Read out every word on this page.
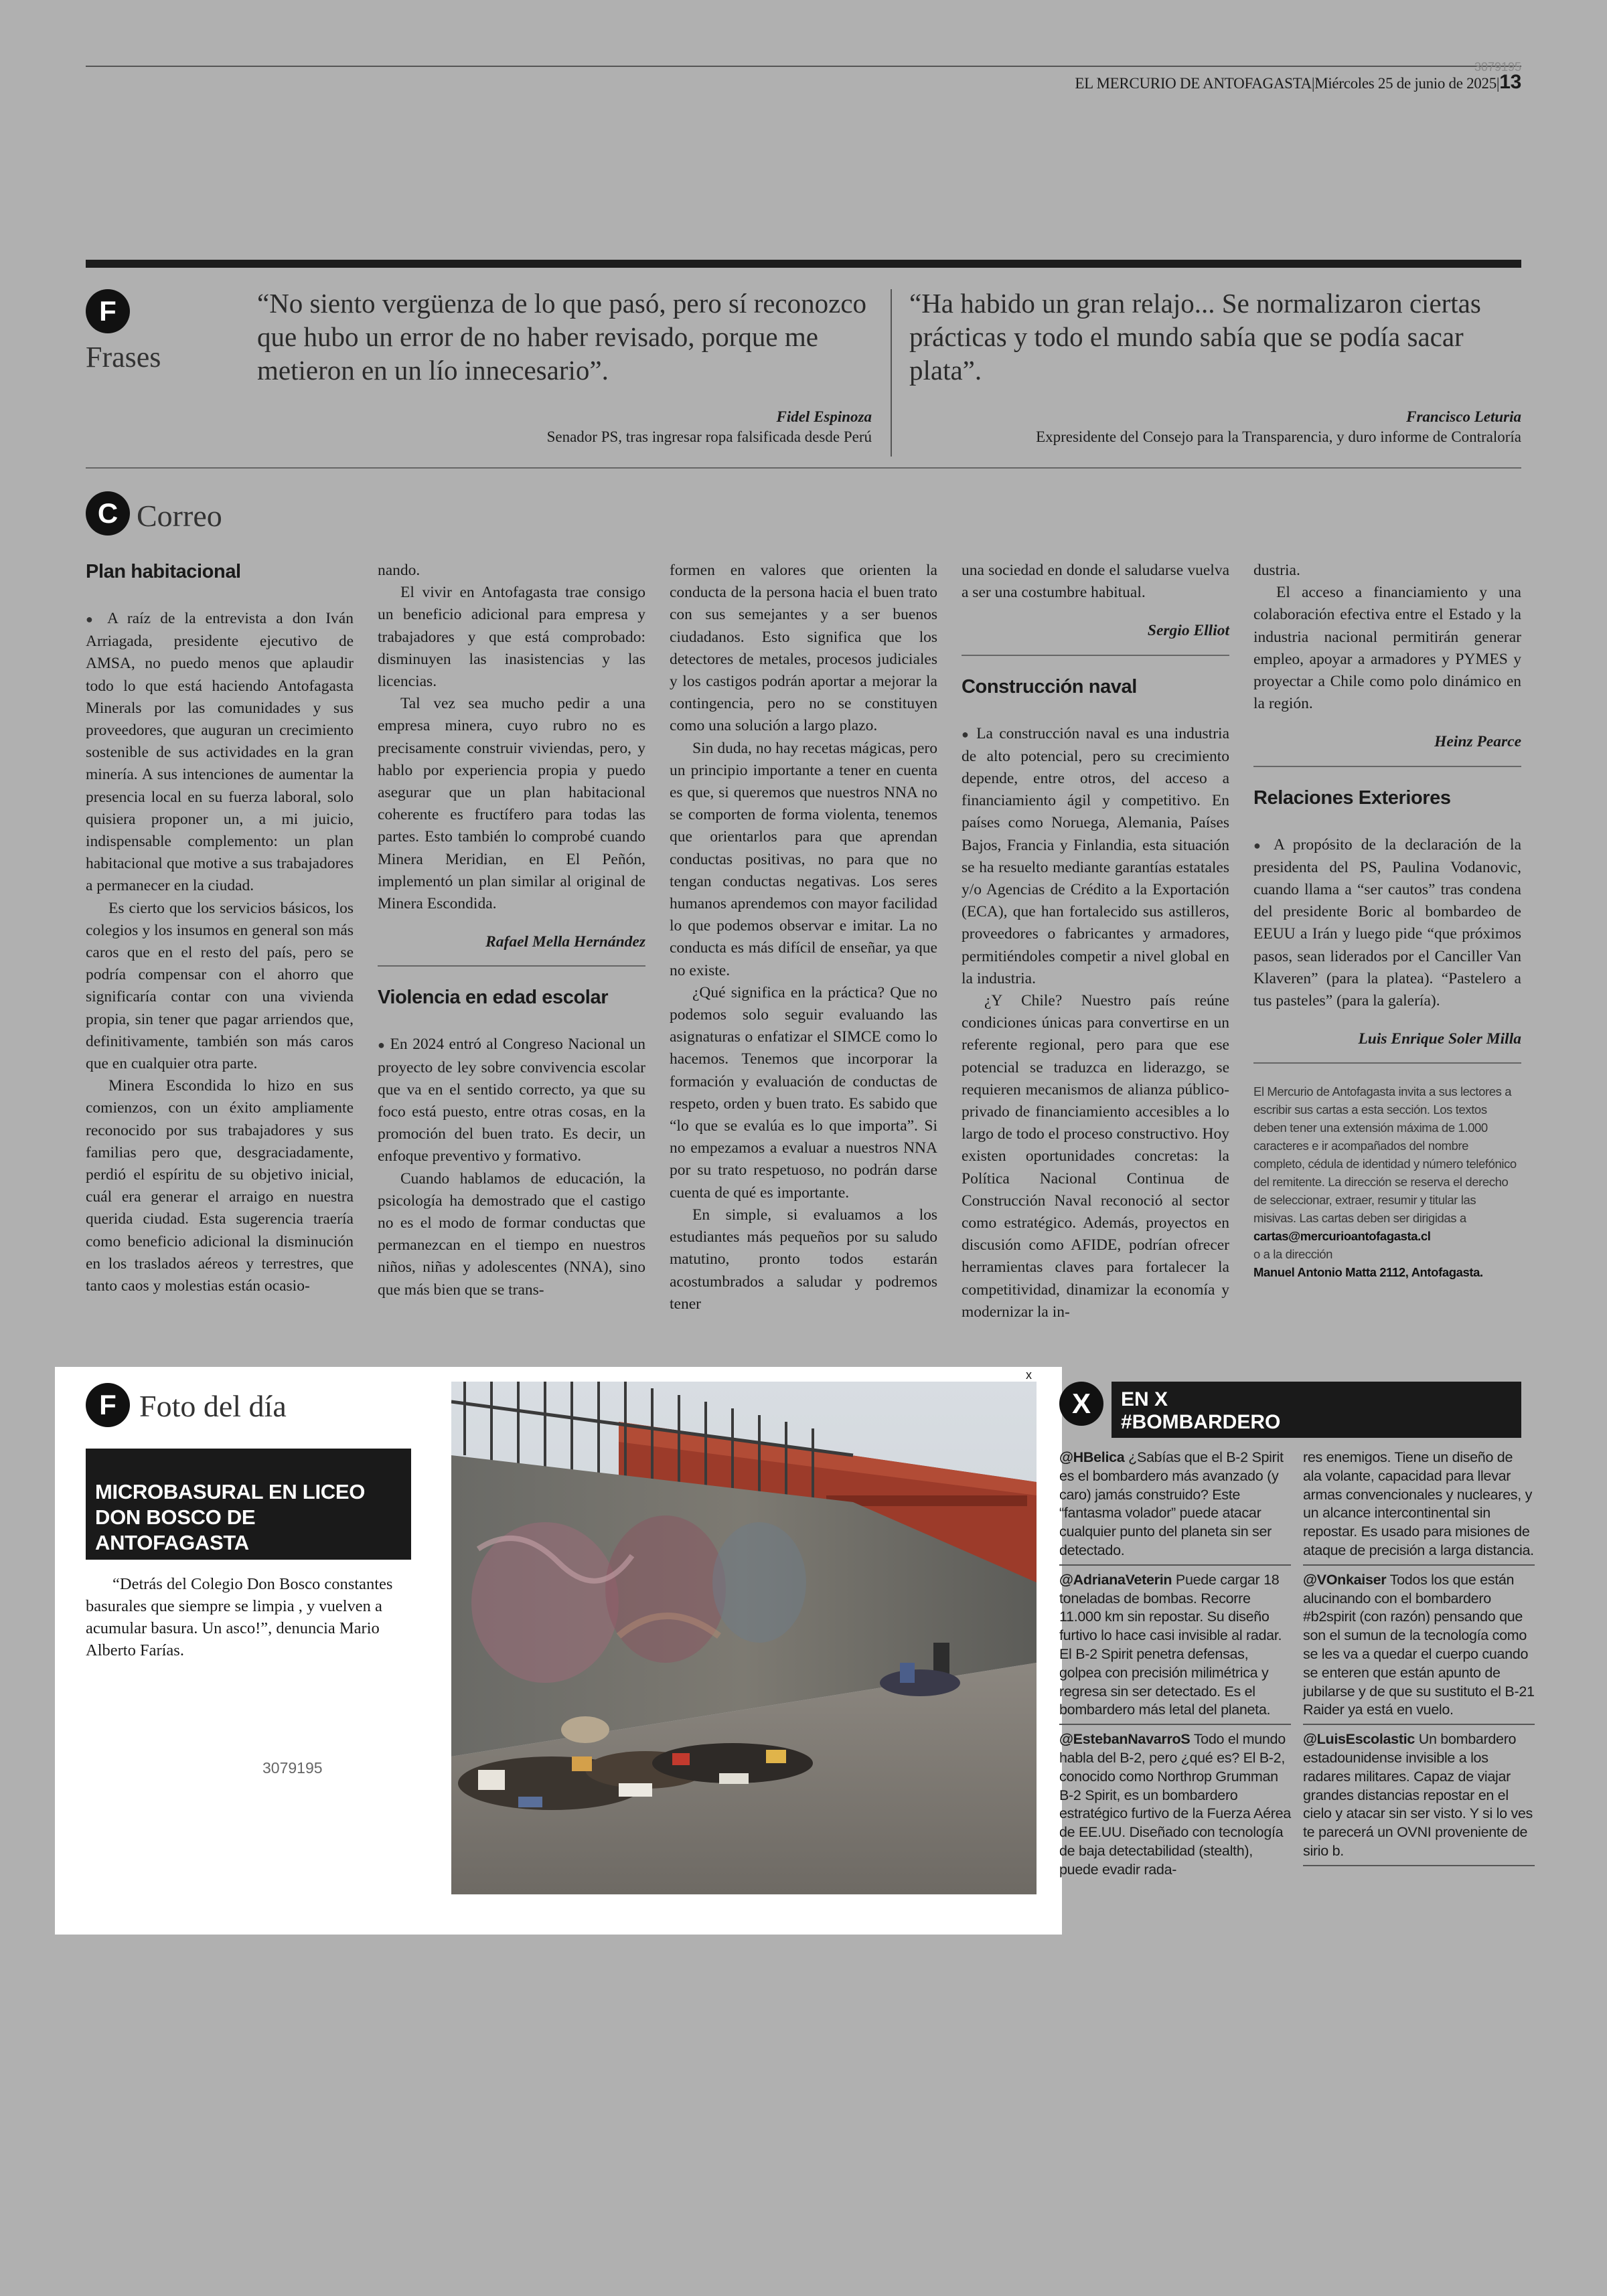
3079195
EL MERCURIO DE ANTOFAGASTA|Miércoles 25 de junio de 2025|13
F
Frases
“No siento vergüenza de lo que pasó, pero sí reconozco que hubo un error de no haber revisado, porque me metieron en un lío innecesario”.
Fidel Espinoza
Senador PS, tras ingresar ropa falsificada desde Perú
“Ha habido un gran relajo... Se normalizaron ciertas prácticas y todo el mundo sabía que se podía sacar plata”.
Francisco Leturia
Expresidente del Consejo para la Transparencia, y duro informe de Contraloría
C Correo
Plan habitacional

● A raíz de la entrevista a don Iván Arriagada, presidente ejecutivo de AMSA, no puedo menos que aplaudir todo lo que está haciendo Antofagasta Minerals por las comunidades y sus proveedores, que auguran un crecimiento sostenible de sus actividades en la gran minería. A sus intenciones de aumentar la presencia local en su fuerza laboral, solo quisiera proponer un, a mi juicio, indispensable complemento: un plan habitacional que motive a sus trabajadores a permanecer en la ciudad.

Es cierto que los servicios básicos, los colegios y los insumos en general son más caros que en el resto del país, pero se podría compensar con el ahorro que significaría contar con una vivienda propia, sin tener que pagar arriendos que, definitivamente, también son más caros que en cualquier otra parte.

Minera Escondida lo hizo en sus comienzos, con un éxito ampliamente reconocido por sus trabajadores y sus familias pero que, desgraciadamente, perdió el espíritu de su objetivo inicial, cuál era generar el arraigo en nuestra querida ciudad. Esta sugerencia traería como beneficio adicional la disminución en los traslados aéreos y terrestres, que tanto caos y molestias están ocasio-

nando.

El vivir en Antofagasta trae consigo un beneficio adicional para empresa y trabajadores y que está comprobado: disminuyen las inasistencias y las licencias.

Tal vez sea mucho pedir a una empresa minera, cuyo rubro no es precisamente construir viviendas, pero, y hablo por experiencia propia y puedo asegurar que un plan habitacional coherente es fructífero para todas las partes. Esto también lo comprobé cuando Minera Meridian, en El Peñón, implementó un plan similar al original de Minera Escondida.

Rafael Mella Hernández

Violencia en edad escolar

● En 2024 entró al Congreso Nacional un proyecto de ley sobre convivencia escolar que va en el sentido correcto, ya que su foco está puesto, entre otras cosas, en la promoción del buen trato. Es decir, un enfoque preventivo y formativo.

Cuando hablamos de educación, la psicología ha demostrado que el castigo no es el modo de formar conductas que permanezcan en el tiempo en nuestros niños, niñas y adolescentes (NNA), sino que más bien que se trans-

formen en valores que orienten la conducta de la persona hacia el buen trato con sus semejantes y a ser buenos ciudadanos. Esto significa que los detectores de metales, procesos judiciales y los castigos podrán aportar a mejorar la contingencia, pero no se constituyen como una solución a largo plazo.

Sin duda, no hay recetas mágicas, pero un principio importante a tener en cuenta es que, si queremos que nuestros NNA no se comporten de forma violenta, tenemos que orientarlos para que aprendan conductas positivas, no para que no tengan conductas negativas. Los seres humanos aprendemos con mayor facilidad lo que podemos observar e imitar. La no conducta es más difícil de enseñar, ya que no existe.

¿Qué significa en la práctica? Que no podemos solo seguir evaluando las asignaturas o enfatizar el SIMCE como lo hacemos. Tenemos que incorporar la formación y evaluación de conductas de respeto, orden y buen trato. Es sabido que “lo que se evalúa es lo que importa”. Si no empezamos a evaluar a nuestros NNA por su trato respetuoso, no podrán darse cuenta de qué es importante.

En simple, si evaluamos a los estudiantes más pequeños por su saludo matutino, pronto todos estarán acostumbrados a saludar y podremos tener

una sociedad en donde el saludarse vuelva a ser una costumbre habitual.

Sergio Elliot

Construcción naval

● La construcción naval es una industria de alto potencial, pero su crecimiento depende, entre otros, del acceso a financiamiento ágil y competitivo. En países como Noruega, Alemania, Países Bajos, Francia y Finlandia, esta situación se ha resuelto mediante garantías estatales y/o Agencias de Crédito a la Exportación (ECA), que han fortalecido sus astilleros, proveedores o fabricantes y armadores, permitiéndoles competir a nivel global en la industria.

¿Y Chile? Nuestro país reúne condiciones únicas para convertirse en un referente regional, pero para que ese potencial se traduzca en liderazgo, se requieren mecanismos de alianza público-privado de financiamiento accesibles a lo largo de todo el proceso constructivo. Hoy existen oportunidades concretas: la Política Nacional Continua de Construcción Naval reconoció al sector como estratégico. Además, proyectos en discusión como AFIDE, podrían ofrecer herramientas claves para fortalecer la competitividad, dinamizar la economía y modernizar la in-

dustria.

El acceso a financiamiento y una colaboración efectiva entre el Estado y la industria nacional permitirán generar empleo, apoyar a armadores y PYMES y proyectar a Chile como polo dinámico en la región.

Heinz Pearce

Relaciones Exteriores

● A propósito de la declaración de la presidenta del PS, Paulina Vodanovic, cuando llama a “ser cautos” tras condena del presidente Boric al bombardeo de EEUU a Irán y luego pide “que próximos pasos, sean liderados por el Canciller Van Klaveren” (para la platea). “Pastelero a tus pasteles” (para la galería).

Luis Enrique Soler Milla

El Mercurio de Antofagasta invita a sus lectores a escribir sus cartas a esta sección. Los textos deben tener una extensión máxima de 1.000 caracteres e ir acompañados del nombre completo, cédula de identidad y número telefónico del remitente. La dirección se reserva el derecho de seleccionar, extraer, resumir y titular las misivas. Las cartas deben ser dirigidas a cartas@mercurioantofagasta.cl
o a la dirección
Manuel Antonio Matta 2112, Antofagasta.
F Foto del día
x
MICROBASURAL EN LICEO DON BOSCO DE ANTOFAGASTA
“Detrás del Colegio Don Bosco constantes basurales que siempre se limpia , y vuelven a acumular basura. Un asco!”, denuncia Mario Alberto Farías.
3079195
X	EN X
#BOMBARDERO
@HBelica ¿Sabías que el B-2 Spirit es el bombardero más avanzado (y caro) jamás construido? Este “fantasma volador” puede atacar cualquier punto del planeta sin ser detectado.
@AdrianaVeterin Puede cargar 18 toneladas de bombas. Recorre 11.000 km sin repostar. Su diseño furtivo lo hace casi invisible al radar. El B-2 Spirit penetra defensas, golpea con precisión milimétrica y regresa sin ser detectado. Es el bombardero más letal del planeta.
@EstebanNavarroS Todo el mundo habla del B-2, pero ¿qué es? El B-2, conocido como Northrop Grumman B-2 Spirit, es un bombardero estratégico furtivo de la Fuerza Aérea de EE.UU. Diseñado con tecnología de baja detectabilidad (stealth), puede evadir rada-
res enemigos. Tiene un diseño de ala volante, capacidad para llevar armas convencionales y nucleares, y un alcance intercontinental sin repostar. Es usado para misiones de ataque de precisión a larga distancia.
@VOnkaiser Todos los que están alucinando con el bombardero #b2spirit (con razón) pensando que son el sumun de la tecnología como se les va a quedar el cuerpo cuando se enteren que están apunto de jubilarse y de que su sustituto el B-21 Raider ya está en vuelo.
@LuisEscolastic Un bombardero estadounidense invisible a los radares militares. Capaz de viajar grandes distancias repostar en el cielo y atacar sin ser visto. Y si lo ves te parecerá un OVNI proveniente de sirio b.
